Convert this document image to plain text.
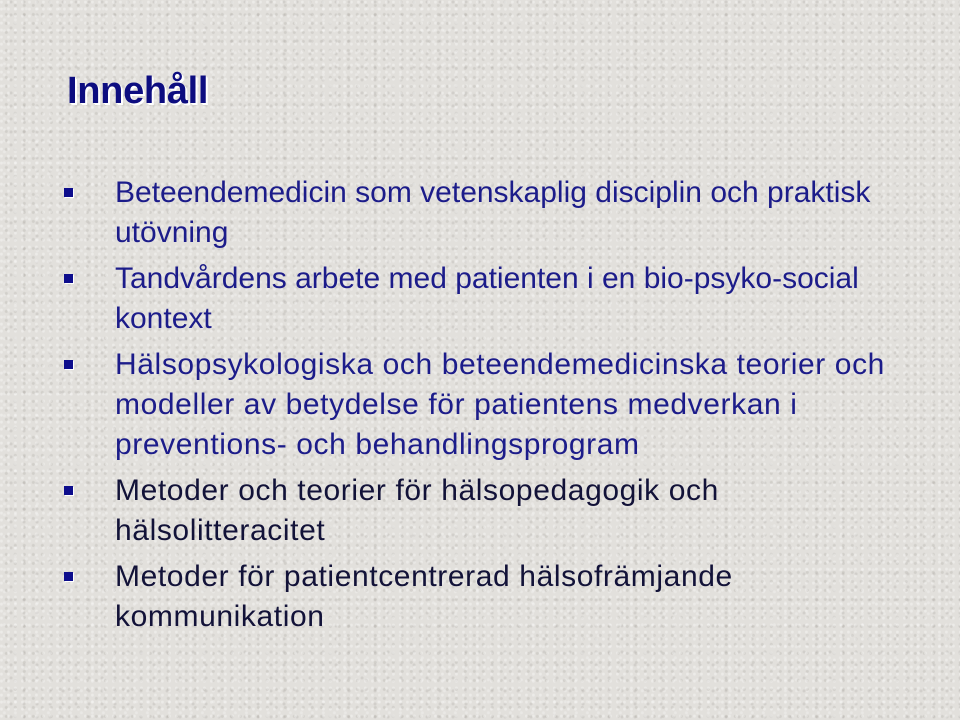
Innehåll
Beteendemedicin som vetenskaplig disciplin och praktisk utövning
Tandvårdens arbete med patienten i en bio-psyko-social kontext
Hälsopsykologiska och beteendemedicinska teorier och modeller av betydelse för patientens medverkan i preventions- och behandlingsprogram
Metoder och teorier för hälsopedagogik och hälsolitteracitet
Metoder för patientcentrerad hälsofrämjande kommunikation
